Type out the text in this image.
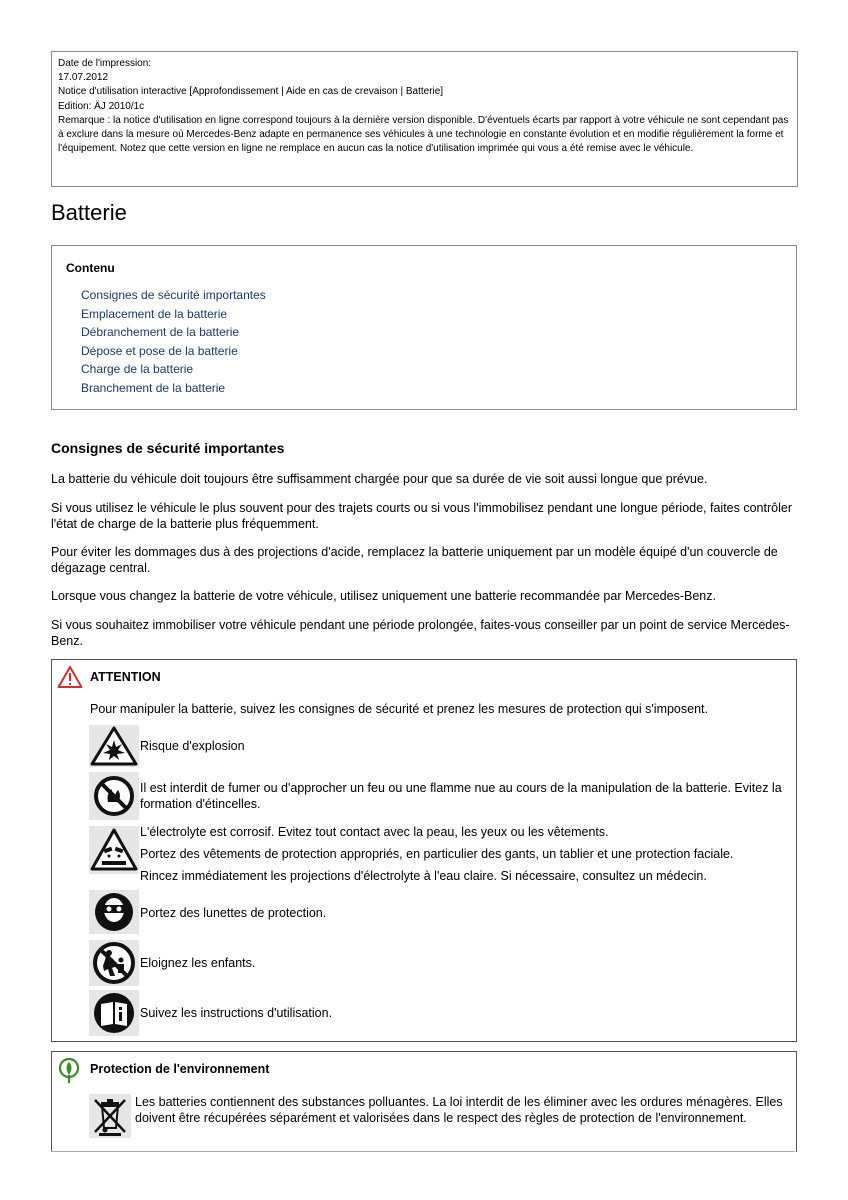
Date de l'impression:
17.07.2012
Notice d'utilisation interactive [Approfondissement | Aide en cas de crevaison | Batterie]
Edition: ÄJ 2010/1c
Remarque : la notice d'utilisation en ligne correspond toujours à la dernière version disponible. D'éventuels écarts par rapport à votre véhicule ne sont cependant pas à exclure dans la mesure où Mercedes-Benz adapte en permanence ses véhicules à une technologie en constante évolution et en modifie régulièrement la forme et l'équipement. Notez que cette version en ligne ne remplace en aucun cas la notice d'utilisation imprimée qui vous a été remise avec le véhicule.
Batterie
Contenu
Consignes de sécurité importantes
Emplacement de la batterie
Débranchement de la batterie
Dépose et pose de la batterie
Charge de la batterie
Branchement de la batterie
Consignes de sécurité importantes

La batterie du véhicule doit toujours être suffisamment chargée pour que sa durée de vie soit aussi longue que prévue.

Si vous utilisez le véhicule le plus souvent pour des trajets courts ou si vous l'immobilisez pendant une longue période, faites contrôler l'état de charge de la batterie plus fréquemment.

Pour éviter les dommages dus à des projections d'acide, remplacez la batterie uniquement par un modèle équipé d'un couvercle de dégazage central.

Lorsque vous changez la batterie de votre véhicule, utilisez uniquement une batterie recommandée par Mercedes-Benz.

Si vous souhaitez immobiliser votre véhicule pendant une période prolongée, faites-vous conseiller par un point de service Mercedes-Benz.

ATTENTION
Pour manipuler la batterie, suivez les consignes de sécurité et prenez les mesures de protection qui s'imposent.
Risque d'explosion
Il est interdit de fumer ou d'approcher un feu ou une flamme nue au cours de la manipulation de la batterie. Evitez la formation d'étincelles.
L'électrolyte est corrosif. Evitez tout contact avec la peau, les yeux ou les vêtements.
Portez des vêtements de protection appropriés, en particulier des gants, un tablier et une protection faciale.
Rincez immédiatement les projections d'électrolyte à l'eau claire. Si nécessaire, consultez un médecin.
Portez des lunettes de protection.
Eloignez les enfants.
Suivez les instructions d'utilisation.
Protection de l'environnement
Les batteries contiennent des substances polluantes. La loi interdit de les éliminer avec les ordures ménagères. Elles doivent être récupérées séparément et valorisées dans le respect des règles de protection de l'environnement.
